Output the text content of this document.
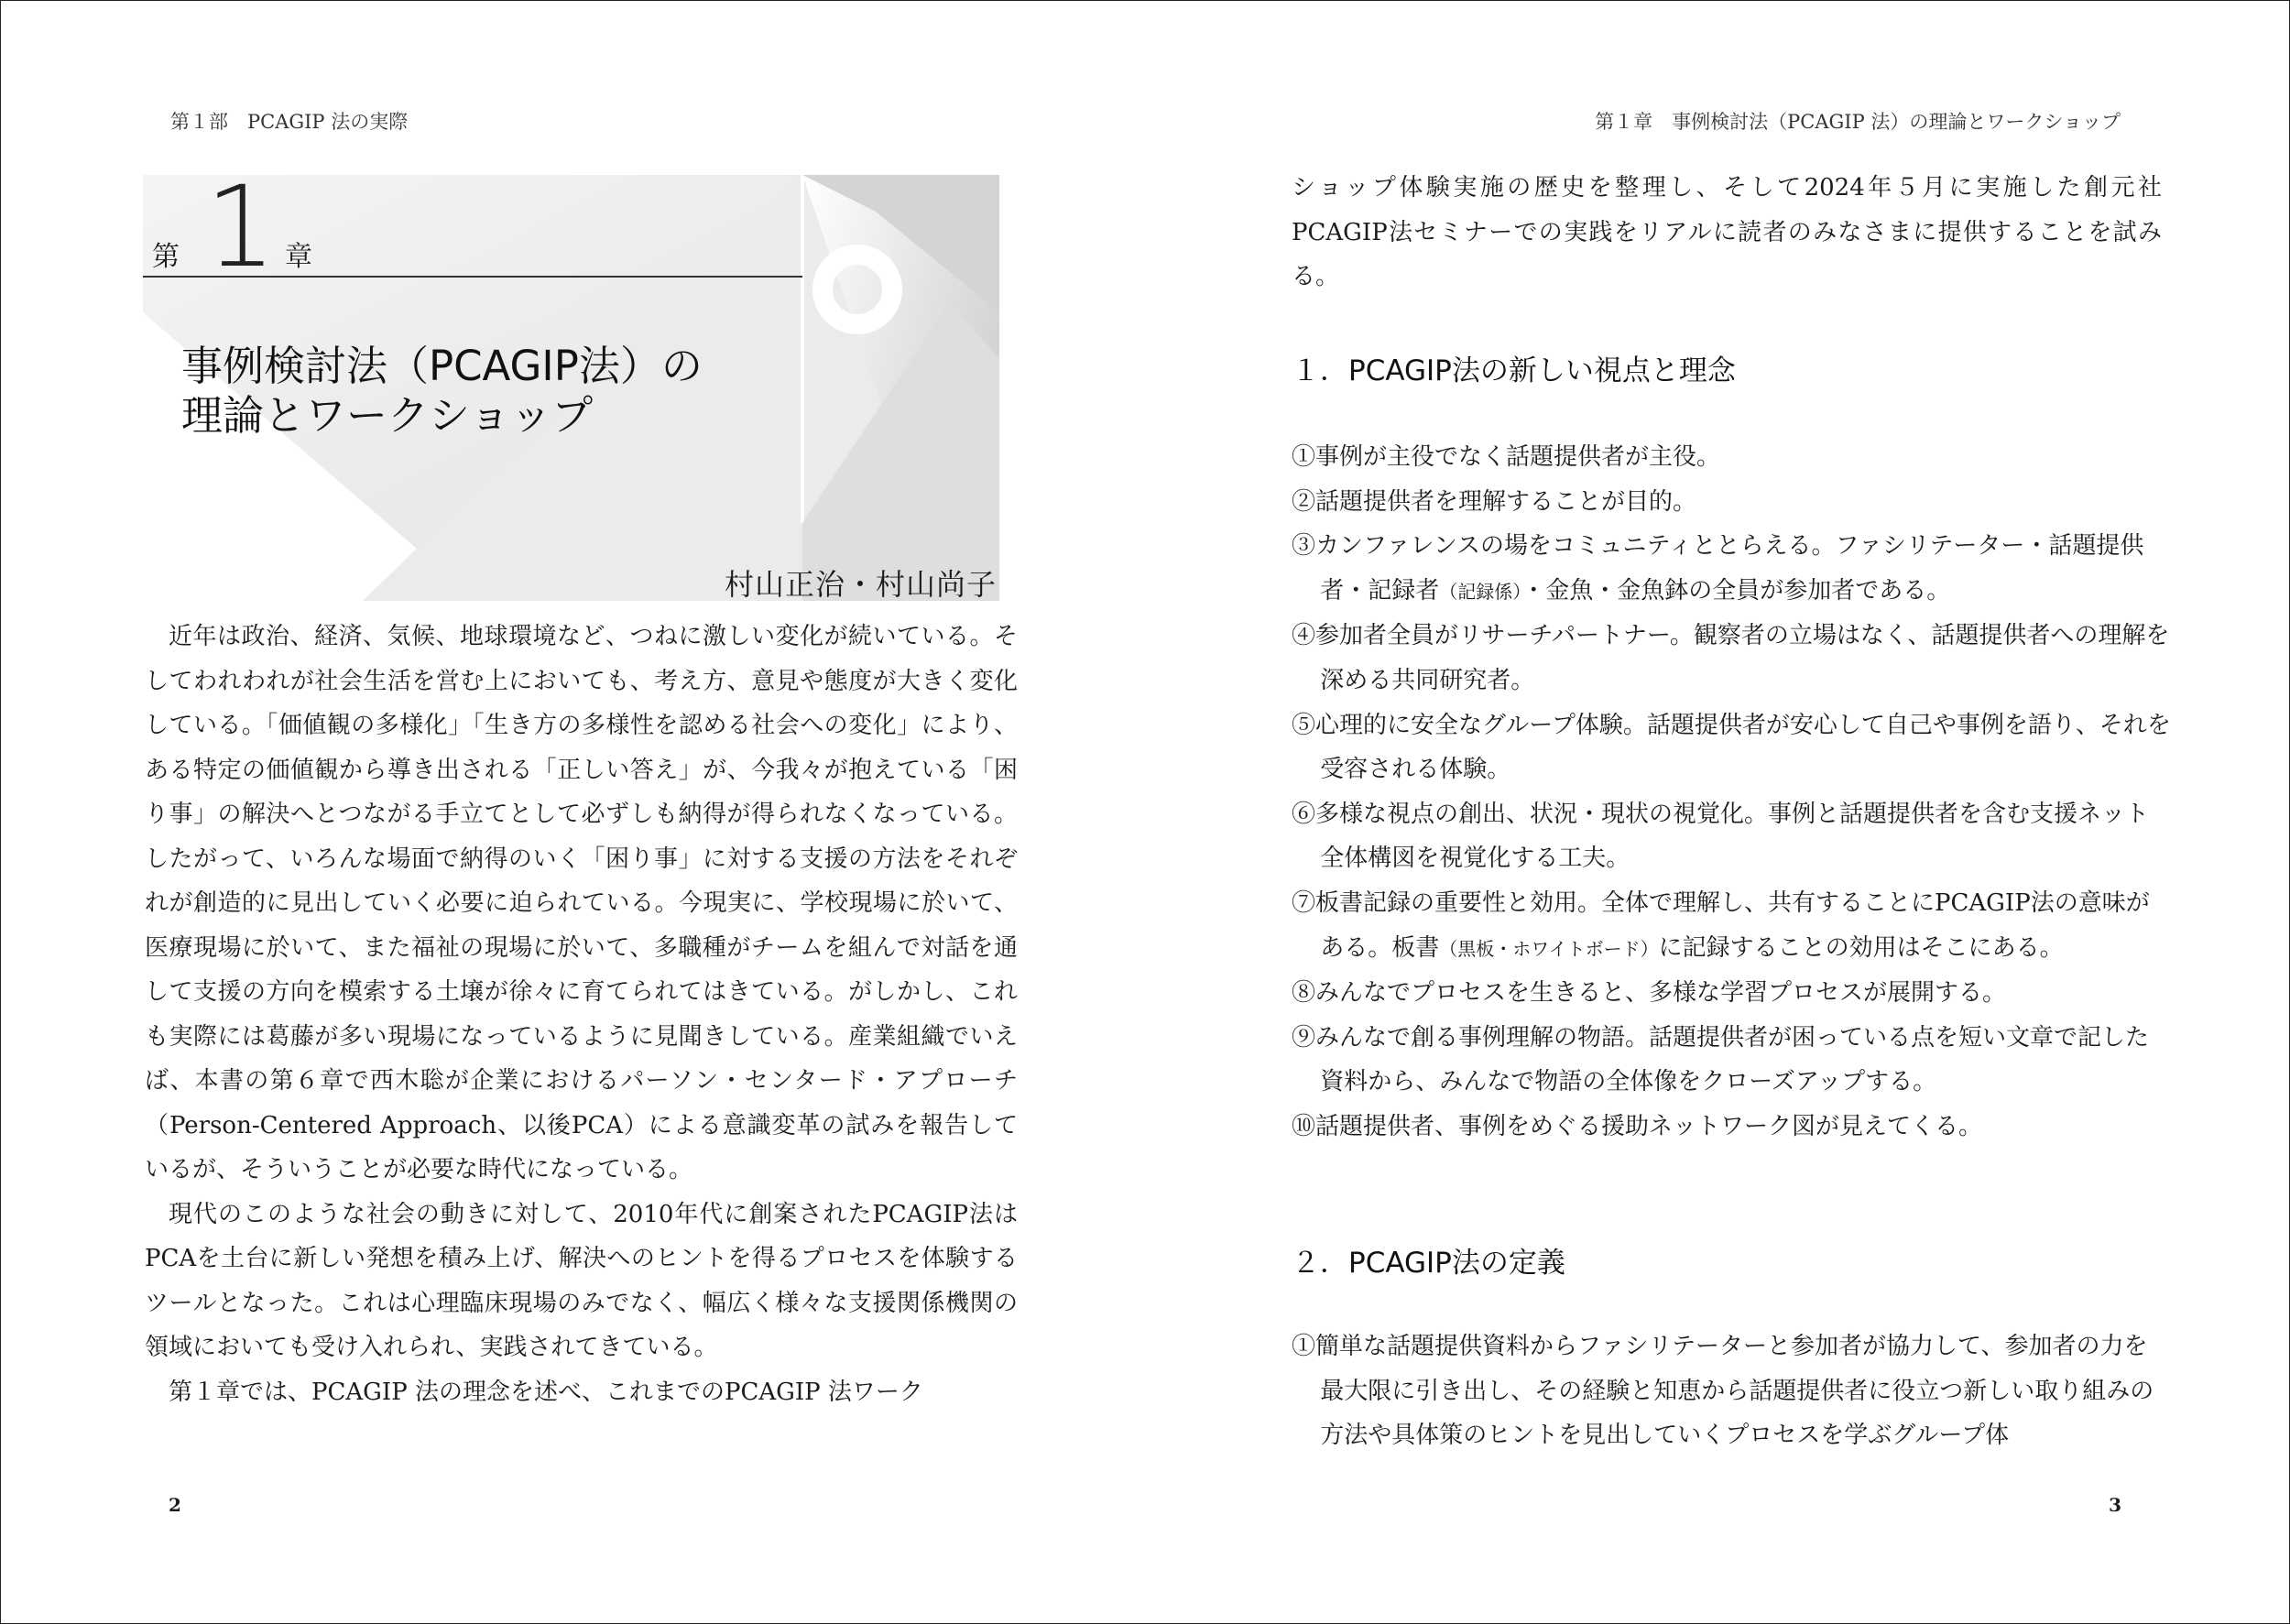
第１部　PCAGIP 法の実際
第 1 章
事例検討法（PCAGIP法）の
理論とワークショップ
村山正治・村山尚子

近年は政治、経済、気候、地球環境など、つねに激しい変化が続いている。そしてわれわれが社会生活を営む上においても、考え方、意見や態度が大きく変化している。「価値観の多様化」「生き方の多様性を認める社会への変化」により、ある特定の価値観から導き出される「正しい答え」が、今我々が抱えている「困り事」の解決へとつながる手立てとして必ずしも納得が得られなくなっている。したがって、いろんな場面で納得のいく「困り事」に対する支援の方法をそれぞれが創造的に見出していく必要に迫られている。今現実に、学校現場に於いて、医療現場に於いて、また福祉の現場に於いて、多職種がチームを組んで対話を通して支援の方向を模索する土壌が徐々に育てられてはきている。がしかし、これも実際には葛藤が多い現場になっているように見聞きしている。産業組織でいえば、本書の第６章で西木聡が企業におけるパーソン・センタード・アプローチ（Person-Centered Approach、以後PCA）による意識変革の試みを報告しているが、そういうことが必要な時代になっている。

現代のこのような社会の動きに対して、2010年代に創案されたPCAGIP法はPCAを土台に新しい発想を積み上げ、解決へのヒントを得るプロセスを体験するツールとなった。これは心理臨床現場のみでなく、幅広く様々な支援関係機関の領域においても受け入れられ、実践されてきている。

第１章では、PCAGIP 法の理念を述べ、これまでのPCAGIP 法ワーク

2
第１章　事例検討法（PCAGIP 法）の理論とワークショップ
ショップ体験実施の歴史を整理し、そして2024年５月に実施した創元社PCAGIP法セミナーでの実践をリアルに読者のみなさまに提供することを試みる。
１．PCAGIP法の新しい視点と理念
①事例が主役でなく話題提供者が主役。
②話題提供者を理解することが目的。
③カンファレンスの場をコミュニティととらえる。ファシリテーター・話題提供者・記録者（記録係）・金魚・金魚鉢の全員が参加者である。
④参加者全員がリサーチパートナー。観察者の立場はなく、話題提供者への理解を深める共同研究者。
⑤心理的に安全なグループ体験。話題提供者が安心して自己や事例を語り、それを受容される体験。
⑥多様な視点の創出、状況・現状の視覚化。事例と話題提供者を含む支援ネット全体構図を視覚化する工夫。
⑦板書記録の重要性と効用。全体で理解し、共有することにPCAGIP法の意味がある。板書（黒板・ホワイトボード）に記録することの効用はそこにある。
⑧みんなでプロセスを生きると、多様な学習プロセスが展開する。
⑨みんなで創る事例理解の物語。話題提供者が困っている点を短い文章で記した資料から、みんなで物語の全体像をクローズアップする。
⑩話題提供者、事例をめぐる援助ネットワーク図が見えてくる。
２．PCAGIP法の定義
①簡単な話題提供資料からファシリテーターと参加者が協力して、参加者の力を最大限に引き出し、その経験と知恵から話題提供者に役立つ新しい取り組みの方法や具体策のヒントを見出していくプロセスを学ぶグループ体
3
